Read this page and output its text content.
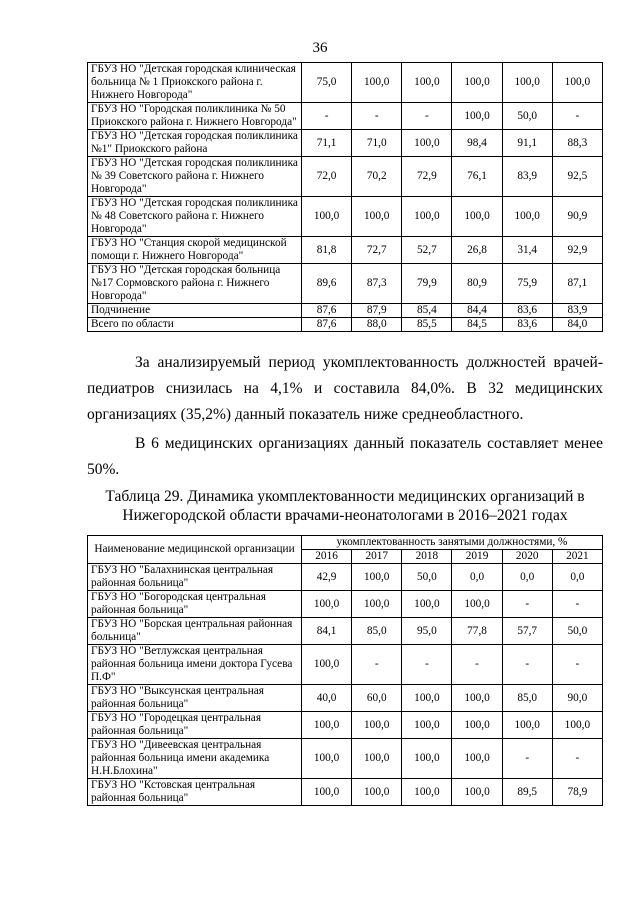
36
ГБУЗ НО "Детская городская клиническая больница № 1 Приокского района г. Нижнего Новгорода"	75,0	100,0	100,0	100,0	100,0	100,0
ГБУЗ НО "Городская поликлиника № 50 Приокского района г. Нижнего Новгорода"	-	-	-	100,0	50,0	-
ГБУЗ НО "Детская городская поликлиника №1" Приокского района	71,1	71,0	100,0	98,4	91,1	88,3
ГБУЗ НО "Детская городская поликлиника № 39 Советского района г. Нижнего Новгорода"	72,0	70,2	72,9	76,1	83,9	92,5
ГБУЗ НО "Детская городская поликлиника № 48 Советского района г. Нижнего Новгорода"	100,0	100,0	100,0	100,0	100,0	90,9
ГБУЗ НО "Станция скорой медицинской помощи г. Нижнего Новгорода"	81,8	72,7	52,7	26,8	31,4	92,9
ГБУЗ НО "Детская городская больница №17 Сормовского района г. Нижнего Новгорода"	89,6	87,3	79,9	80,9	75,9	87,1
Подчинение	87,6	87,9	85,4	84,4	83,6	83,9
Всего по области	87,6	88,0	85,5	84,5	83,6	84,0
За анализируемый период укомплектованность должностей врачей-педиатров снизилась на 4,1% и составила 84,0%. В 32 медицинских организациях (35,2%) данный показатель ниже среднеобластного.
В 6 медицинских организациях данный показатель составляет менее 50%.
Таблица 29. Динамика укомплектованности медицинских организаций в Нижегородской области врачами-неонатологами в 2016–2021 годах
Наименование медицинской организации	укомплектованность занятыми должностями, %					
	2016	2017	2018	2019	2020	2021
ГБУЗ НО "Балахнинская центральная районная больница"	42,9	100,0	50,0	0,0	0,0	0,0
ГБУЗ НО "Богородская центральная районная больница"	100,0	100,0	100,0	100,0	-	-
ГБУЗ НО "Борская центральная районная больница"	84,1	85,0	95,0	77,8	57,7	50,0
ГБУЗ НО "Ветлужская центральная районная больница имени доктора Гусева П.Ф"	100,0	-	-	-	-	-
ГБУЗ НО "Выксунская центральная районная больница"	40,0	60,0	100,0	100,0	85,0	90,0
ГБУЗ НО "Городецкая центральная районная больница"	100,0	100,0	100,0	100,0	100,0	100,0
ГБУЗ НО "Дивеевская центральная районная больница имени академика Н.Н.Блохина"	100,0	100,0	100,0	100,0	-	-
ГБУЗ НО "Кстовская центральная районная больница"	100,0	100,0	100,0	100,0	89,5	78,9
